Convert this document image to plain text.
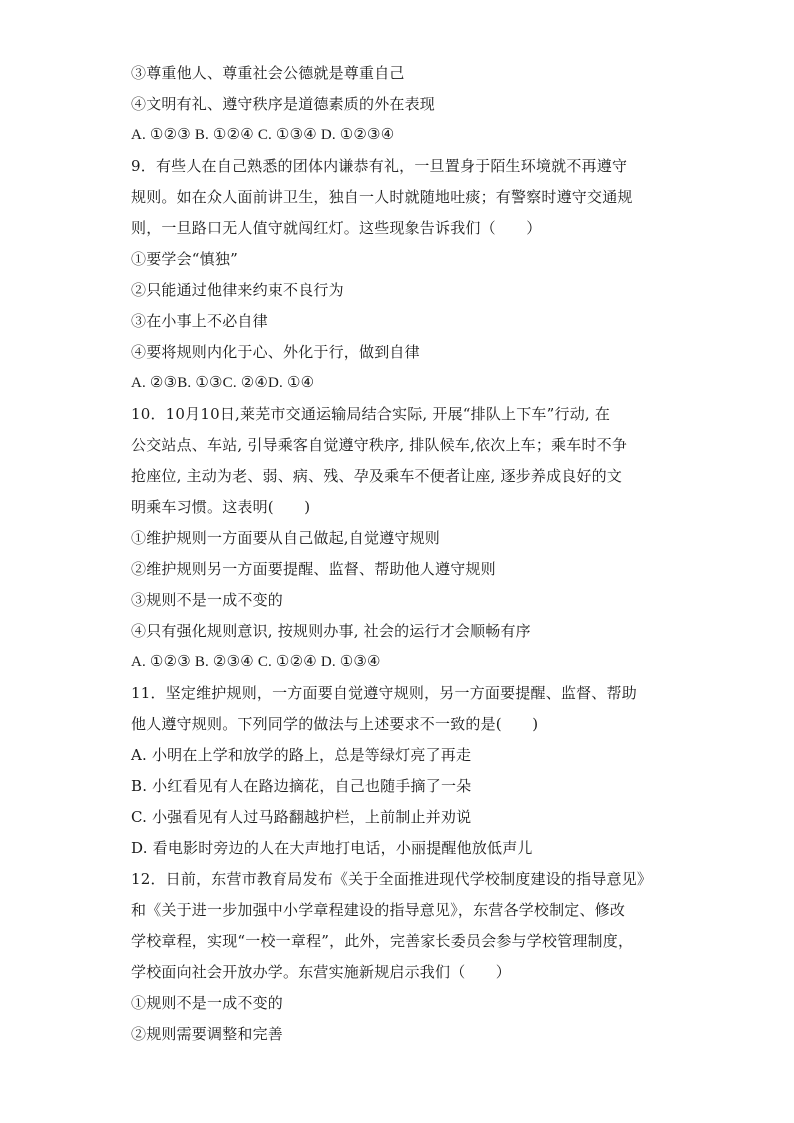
③尊重他人、尊重社会公德就是尊重自己
④文明有礼、遵守秩序是道德素质的外在表现
A. ①②③ B. ①②④ C. ①③④ D. ①②③④
9．有些人在自己熟悉的团体内谦恭有礼，一旦置身于陌生环境就不再遵守
规则。如在众人面前讲卫生，独自一人时就随地吐痰；有警察时遵守交通规
则，一旦路口无人值守就闯红灯。这些现象告诉我们（　　）
①要学会“慎独”
②只能通过他律来约束不良行为
③在小事上不必自律
④要将规则内化于心、外化于行，做到自律
A. ②③B. ①③C. ②④D. ①④
10．10月10日,莱芜市交通运输局结合实际, 开展“排队上下车”行动, 在
公交站点、车站, 引导乘客自觉遵守秩序, 排队候车,依次上车；乘车时不争
抢座位, 主动为老、弱、病、残、孕及乘车不便者让座, 逐步养成良好的文
明乘车习惯。这表明(　　)
①维护规则一方面要从自己做起,自觉遵守规则
②维护规则另一方面要提醒、监督、帮助他人遵守规则
③规则不是一成不变的
④只有强化规则意识, 按规则办事, 社会的运行才会顺畅有序
A. ①②③ B. ②③④ C. ①②④ D. ①③④
11．坚定维护规则，一方面要自觉遵守规则，另一方面要提醒、监督、帮助
他人遵守规则。下列同学的做法与上述要求不一致的是(　　)
A. 小明在上学和放学的路上，总是等绿灯亮了再走
B. 小红看见有人在路边摘花，自己也随手摘了一朵
C. 小强看见有人过马路翻越护栏，上前制止并劝说
D. 看电影时旁边的人在大声地打电话，小丽提醒他放低声儿
12．日前，东营市教育局发布《关于全面推进现代学校制度建设的指导意见》
和《关于进一步加强中小学章程建设的指导意见》，东营各学校制定、修改
学校章程，实现“一校一章程”，此外，完善家长委员会参与学校管理制度，
学校面向社会开放办学。东营实施新规启示我们（　　）
①规则不是一成不变的
②规则需要调整和完善
